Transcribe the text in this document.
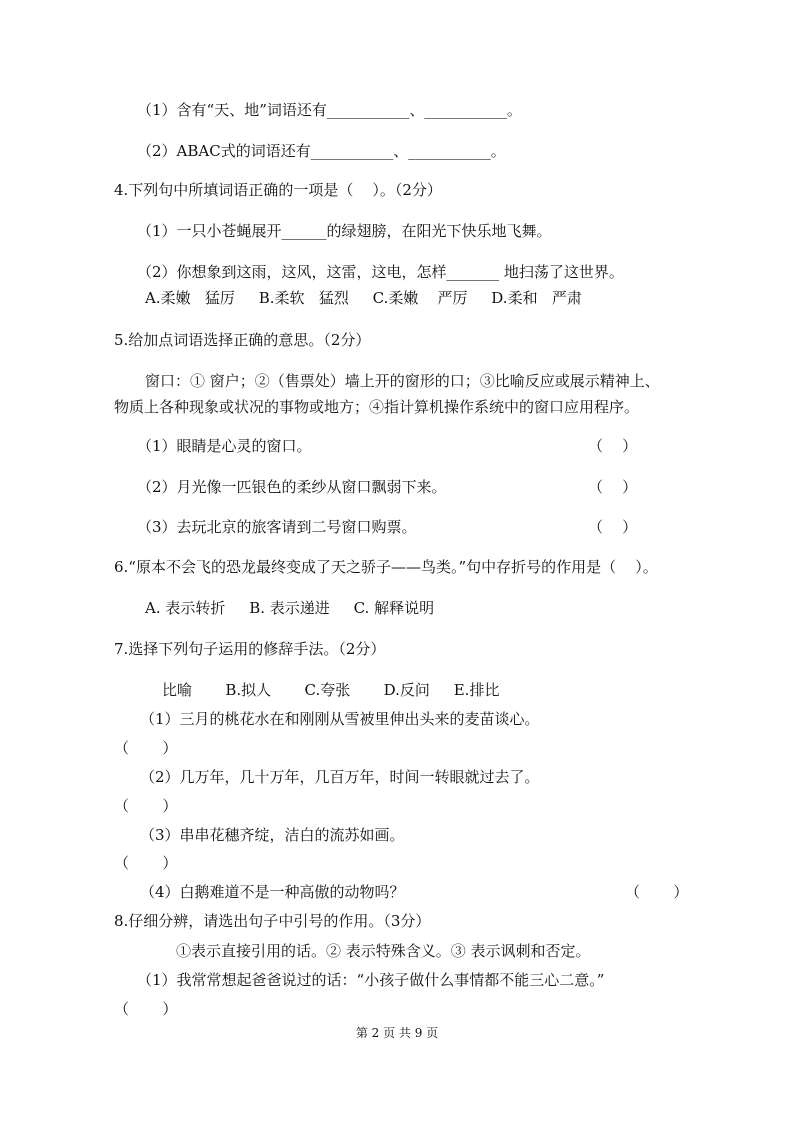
（1）含有“天、地”词语还有___________、___________。
（2）ABAC式的词语还有___________、___________。
4.下列句中所填词语正确的一项是（    ）。（2分）
（1）一只小苍蝇展开______的绿翅膀，在阳光下快乐地飞舞。
（2）你想象到这雨，这风，这雷，这电，怎样_______ 地扫荡了这世界。
A.柔嫩   猛厉     B.柔软   猛烈     C.柔嫩    严厉     D.柔和   严肃
5.给加点词语选择正确的意思。（2分）
窗口：① 窗户；②（售票处）墙上开的窗形的口；③比喻反应或展示精神上、
物质上各种现象或状况的事物或地方；④指计算机操作系统中的窗口应用程序。
（1）眼睛是心灵的窗口。	（    ）
（2）月光像一匹银色的柔纱从窗口飘弱下来。	（    ）
（3）去玩北京的旅客请到二号窗口购票。	（    ）
6.“原本不会飞的恐龙最终变成了天之骄子——鸟类。”句中存折号的作用是（    ）。
A. 表示转折     B. 表示递进     C. 解释说明
7.选择下列句子运用的修辞手法。（2分）
比喻       B.拟人       C.夸张       D.反问     E.排比
（1）三月的桃花水在和刚刚从雪被里伸出头来的麦苗谈心。
（       ）
（2）几万年，几十万年，几百万年，时间一转眼就过去了。
（       ）
（3）串串花穗齐绽，洁白的流苏如画。
（       ）
（4）白鹅难道不是一种高傲的动物吗？	（       ）
8.仔细分辨，请选出句子中引号的作用。（3分）
①表示直接引用的话。② 表示特殊含义。③ 表示讽刺和否定。
（1）我常常想起爸爸说过的话：“小孩子做什么事情都不能三心二意。”
（       ）
第 2 页 共 9 页
